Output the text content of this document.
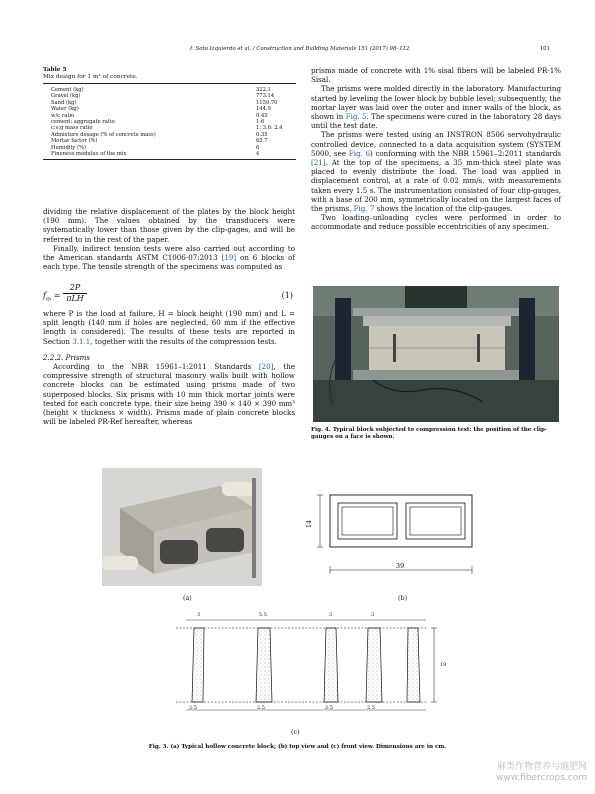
I. Soto Izquierdo et al. / Construction and Building Materials 151 (2017) 98–112	101
Table 5
Mix design for 1 m³ of concrete.
Cement (kg)	322.1
Gravel (kg)	773.14
Sand (kg)	1159.70
Water (kg)	144.9
w/c ratio	0.45
cement: aggregate ratio	1:6
c:s:g mass ratio	1: 3.6: 2.4
Admixture dosage (% of concrete mass)	0.35
Mortar factor (%)	65.7
Humidity (%)	6
Fineness modulus of the mix	4

dividing the relative displacement of the plates by the block height (190 mm). The values obtained by the transducers were systematically lower than those given by the clip-gages, and will be referred to in the rest of the paper.

Finally, indirect tension tests were also carried out according to the American standards ASTM C1006-07:2013 [19] on 6 blocks of each type. The tensile strength of the specimens was computed as

$f_{tb}$ =
2P
πLH	(1)

where P is the load at failure, H = block height (190 mm) and L = split length (140 mm if holes are neglected, 60 mm if the effective length is considered). The results of these tests are reported in Section 3.1.1, together with the results of the compression tests.

2.2.2. Prisms

According to the NBR 15961–1:2011 Standards [20], the compressive strength of structural masonry walls built with hollow concrete blocks can be estimated using prisms made of two superposed blocks. Six prisms with 10 mm thick mortar joints were tested for each concrete type, their size being 390 × 140 × 390 mm³ (height × thickness × width). Prisms made of plain concrete blocks will be labeled PR-Ref hereafter, whereas

prisms made of concrete with 1% sisal fibers will be labeled PR-1% Sisal.

The prisms were molded directly in the laboratory. Manufacturing started by leveling the lower block by bubble level; subsequently, the mortar layer was laid over the outer and inner walls of the block, as shown in Fig. 5. The specimens were cured in the laboratory 28 days until the test date.

The prisms were tested using an INSTRON 8506 servohydraulic controlled device, connected to a data acquisition system (SYSTEM 5000, see Fig. 6) conforming with the NBR 15961–2:2011 standards [21]. At the top of the specimens, a 35 mm-thick steel plate was placed to evenly distribute the load. The load was applied in displacement control, at a rate of 0.02 mm/s, with measurements taken every 1.5 s. The instrumentation consisted of four clip-gauges, with a base of 200 mm, symmetrically located on the largest faces of the prisms. Fig. 7 shows the location of the clip-gauges.

Two loading–unloading cycles were performed in order to accommodate and reduce possible eccentricities of any specimen.

Fig. 4. Typical block subjected to compression test: the position of the clip-gauges on a face is shown.
14
39
(a)	(b)
3	5.5	3	3
19
2.5	2.5	2.5	2.5
(c)
Fig. 3. (a) Typical hollow concrete block; (b) top view and (c) front view. Dimensions are in cm.
麻类作物营养与施肥网
www.fibercrops.com
